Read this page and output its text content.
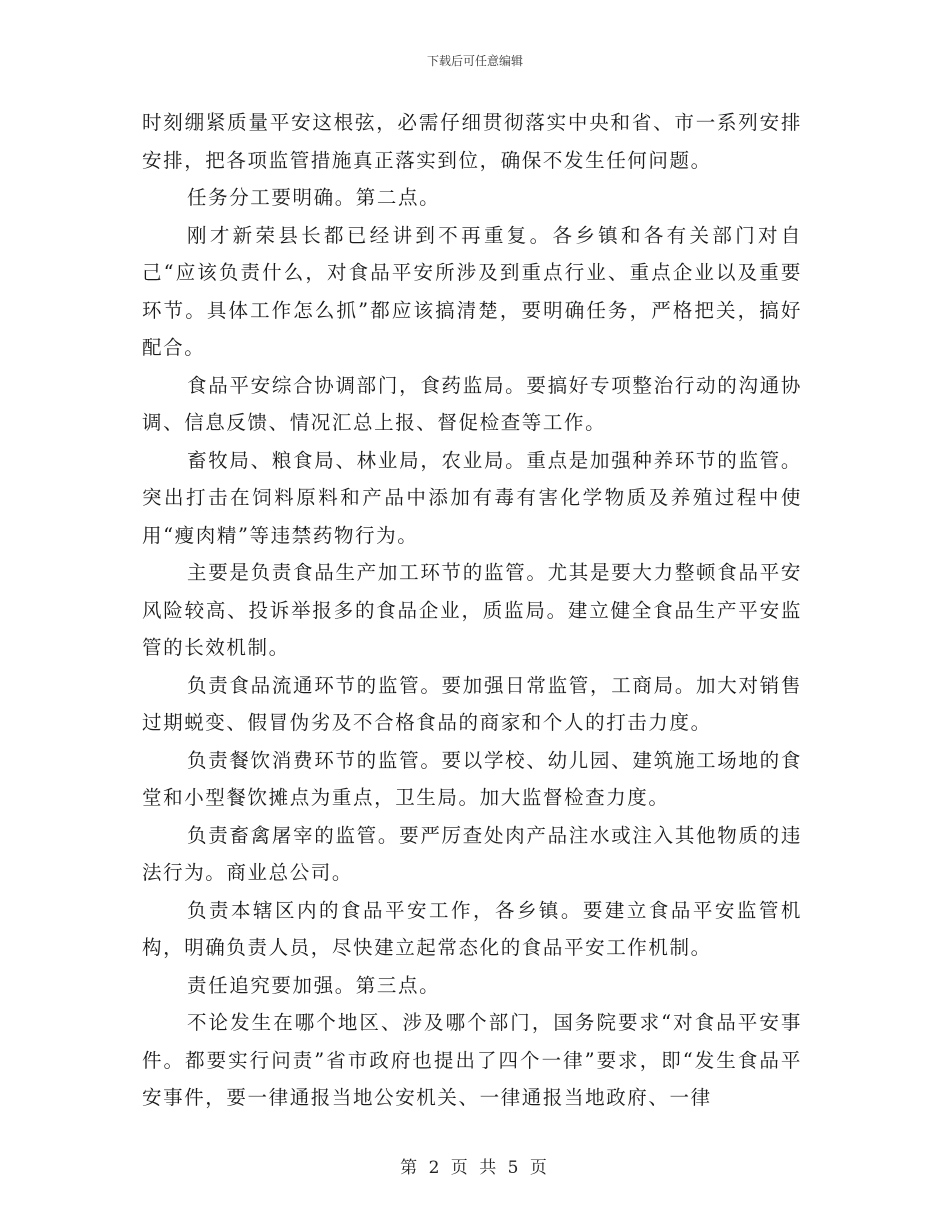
下载后可任意编辑

时刻绷紧质量平安这根弦，必需仔细贯彻落实中央和省、市一系列安排安排，把各项监管措施真正落实到位，确保不发生任何问题。

任务分工要明确。第二点。

刚才新荣县长都已经讲到不再重复。各乡镇和各有关部门对自己“应该负责什么，对食品平安所涉及到重点行业、重点企业以及重要环节。具体工作怎么抓”都应该搞清楚，要明确任务，严格把关，搞好配合。

食品平安综合协调部门，食药监局。要搞好专项整治行动的沟通协调、信息反馈、情况汇总上报、督促检查等工作。

畜牧局、粮食局、林业局，农业局。重点是加强种养环节的监管。突出打击在饲料原料和产品中添加有毒有害化学物质及养殖过程中使用“瘦肉精”等违禁药物行为。

主要是负责食品生产加工环节的监管。尤其是要大力整顿食品平安风险较高、投诉举报多的食品企业，质监局。建立健全食品生产平安监管的长效机制。

负责食品流通环节的监管。要加强日常监管，工商局。加大对销售过期蜕变、假冒伪劣及不合格食品的商家和个人的打击力度。

负责餐饮消费环节的监管。要以学校、幼儿园、建筑施工场地的食堂和小型餐饮摊点为重点，卫生局。加大监督检查力度。

负责畜禽屠宰的监管。要严厉查处肉产品注水或注入其他物质的违法行为。商业总公司。

负责本辖区内的食品平安工作，各乡镇。要建立食品平安监管机构，明确负责人员，尽快建立起常态化的食品平安工作机制。

责任追究要加强。第三点。

不论发生在哪个地区、涉及哪个部门，国务院要求“对食品平安事件。都要实行问责”省市政府也提出了四个一律”要求，即“发生食品平安事件，要一律通报当地公安机关、一律通报当地政府、一律

第 2 页 共 5 页
